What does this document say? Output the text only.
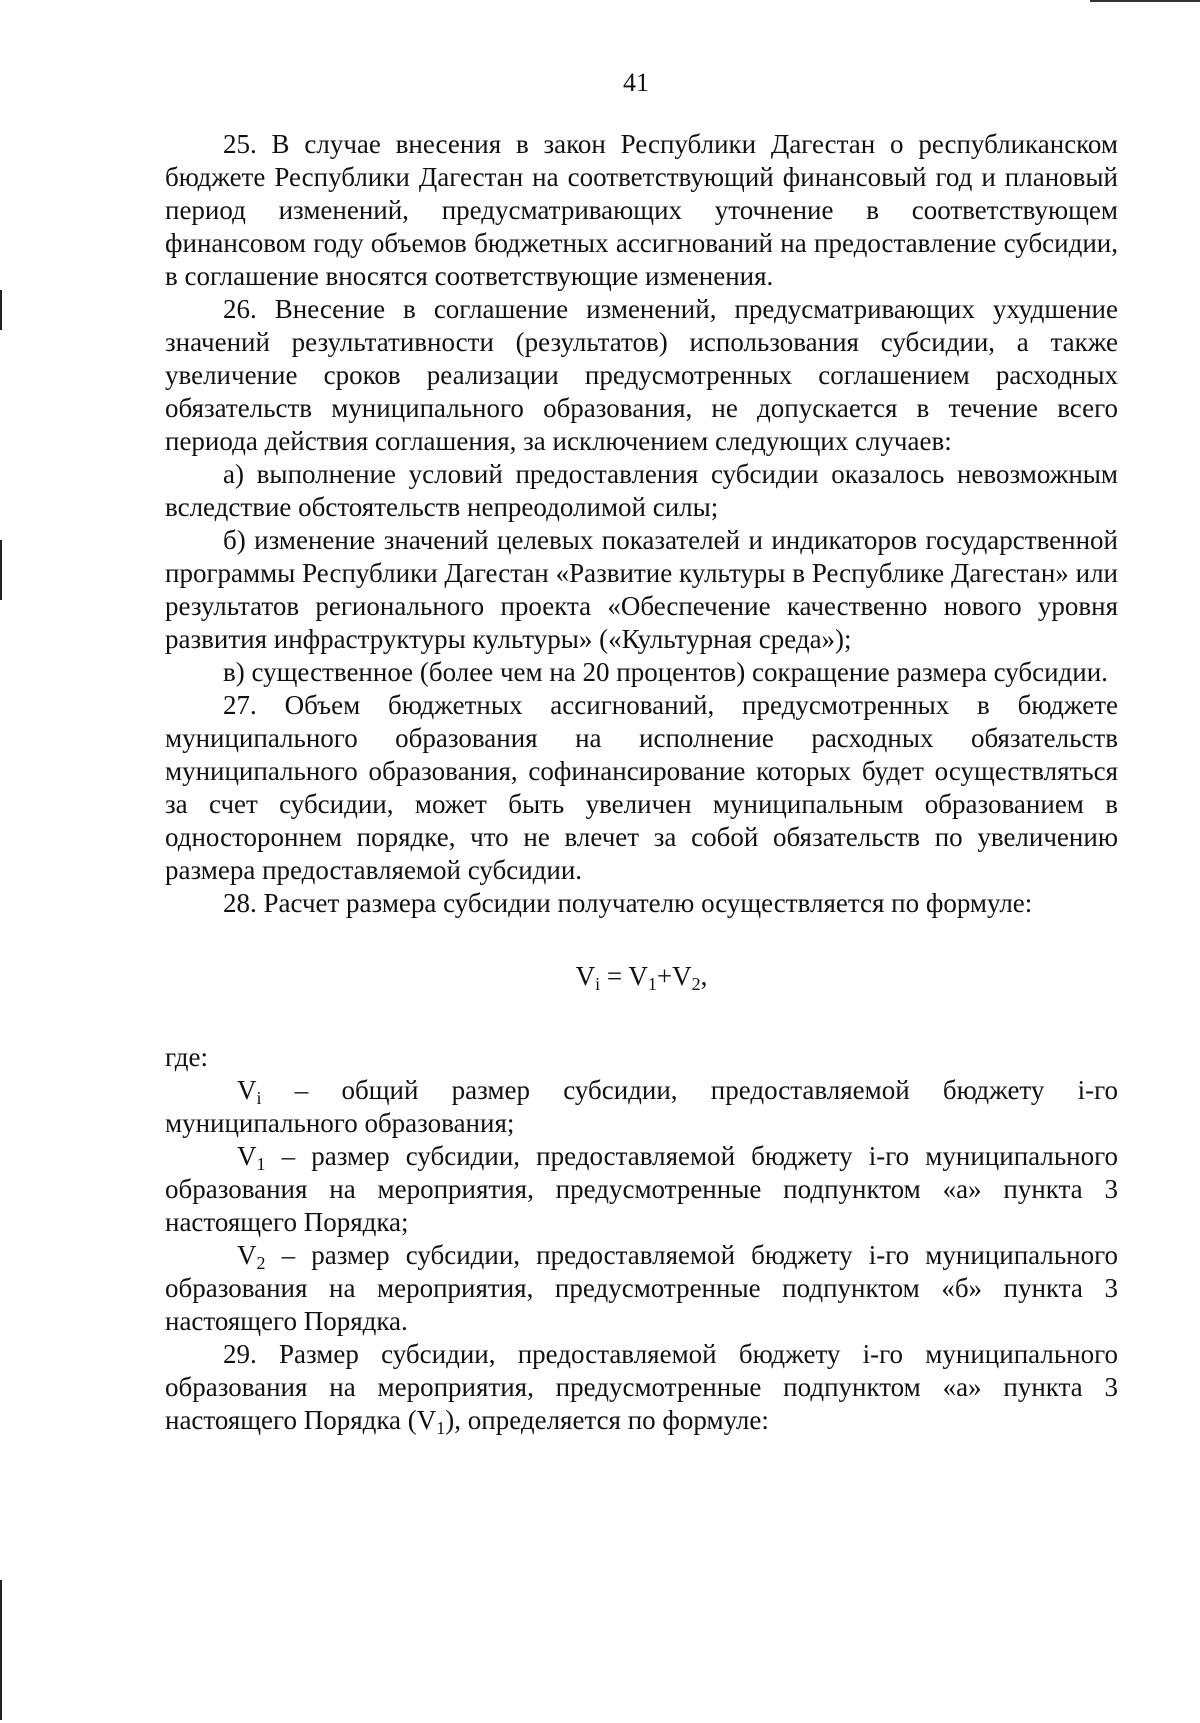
41

25. В случае внесения в закон Республики Дагестан о республиканском бюджете Республики Дагестан на соответствующий финансовый год и плановый период изменений, предусматривающих уточнение в соответствующем финансовом году объемов бюджетных ассигнований на предоставление субсидии, в соглашение вносятся соответствующие изменения.

26. Внесение в соглашение изменений, предусматривающих ухудшение значений результативности (результатов) использования субсидии, а также увеличение сроков реализации предусмотренных соглашением расходных обязательств муниципального образования, не допускается в течение всего периода действия соглашения, за исключением следующих случаев:

а) выполнение условий предоставления субсидии оказалось невозможным вследствие обстоятельств непреодолимой силы;

б) изменение значений целевых показателей и индикаторов государственной программы Республики Дагестан «Развитие культуры в Республике Дагестан» или результатов регионального проекта «Обеспечение качественно нового уровня развития инфраструктуры культуры» («Культурная среда»);

в) существенное (более чем на 20 процентов) сокращение размера субсидии.

27. Объем бюджетных ассигнований, предусмотренных в бюджете муниципального образования на исполнение расходных обязательств муниципального образования, софинансирование которых будет осуществляться за счет субсидии, может быть увеличен муниципальным образованием в одностороннем порядке, что не влечет за собой обязательств по увеличению размера предоставляемой субсидии.

28. Расчет размера субсидии получателю осуществляется по формуле:

$V_i = V_1+V_2$,

где:

$V_i$ – общий размер субсидии, предоставляемой бюджету i-го муниципального образования;

$V_1$ – размер субсидии, предоставляемой бюджету i-го муниципального образования на мероприятия, предусмотренные подпунктом «а» пункта 3 настоящего Порядка;

$V_2$ – размер субсидии, предоставляемой бюджету i-го муниципального образования на мероприятия, предусмотренные подпунктом «б» пункта 3 настоящего Порядка.

29. Размер субсидии, предоставляемой бюджету i-го муниципального образования на мероприятия, предусмотренные подпунктом «а» пункта 3 настоящего Порядка $(V_1)$, определяется по формуле:
